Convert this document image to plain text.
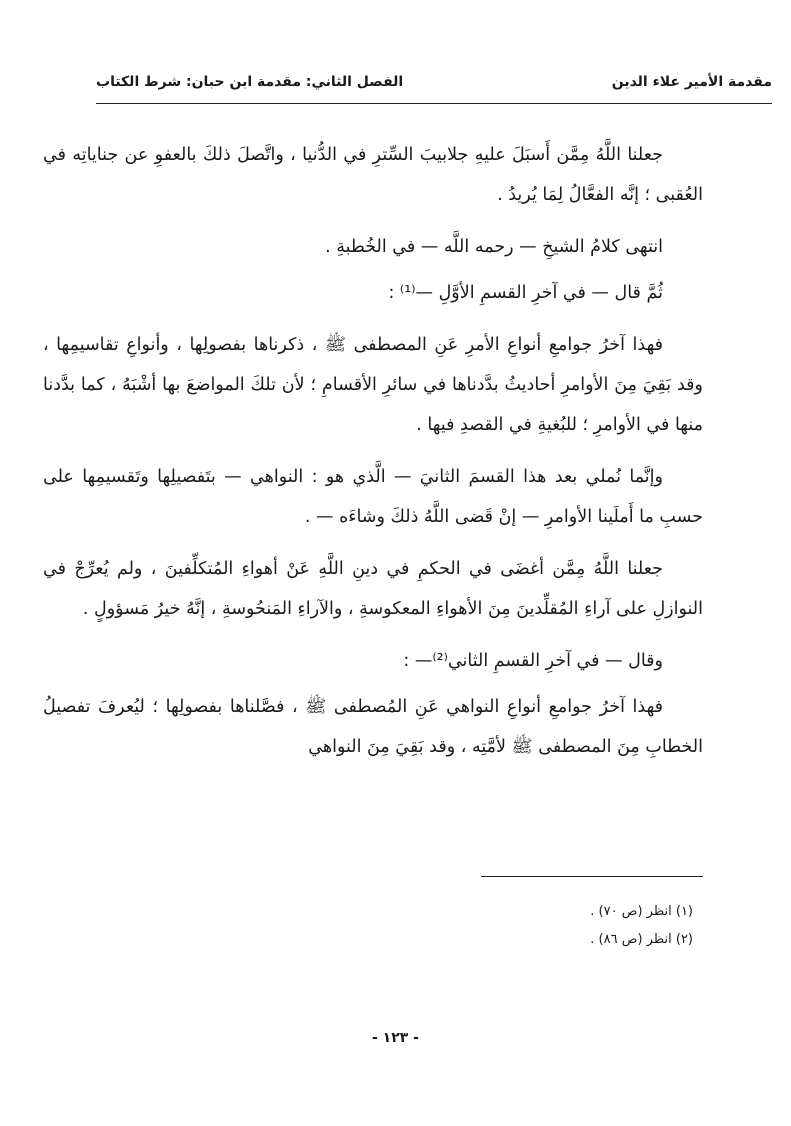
مقدمة الأمير علاء الدين
الفصل الثاني: مقدمة ابن حبان: شرط الكتاب

جعلنا اللَّهُ مِمَّن أَسبَلَ عليهِ جلابيبَ السِّترِ في الدُّنيا ، واتَّصلَ ذلكَ بالعفوِ عن جناياتِه في العُقبى ؛ إنَّه الفعَّالُ لِمَا يُريدُ .

انتهى كلامُ الشيخِ — رحمه اللَّه — في الخُطبةِ .

ثُمَّ قال — في آخرِ القسمِ الأوَّلِ —⁽¹⁾ :

فهذا آخرُ جوامعِ أنواعِ الأمرِ عَنِ المصطفى ﷺ ، ذكرناها بفصولِها ، وأنواعِ تقاسيمِها ، وقد بَقِيَ مِنَ الأوامرِ أحاديثُ بدَّدناها في سائرِ الأقسامِ ؛ لأن تلكَ المواضعَ بها أشْبَهُ ، كما بدَّدنا منها في الأوامرِ ؛ للبُغيةِ في القصدِ فيها .

وإنَّما نُملي بعد هذا القسمَ الثانيَ — الَّذي هو : النواهي — بتَفصيلِها وتَقسيمِها على حسبِ ما أَملَينا الأوامرِ — إنْ قَضى اللَّهُ ذلكَ وشاءَه — .

جعلنا اللَّهُ مِمَّن أغضَى في الحكمِ في دينِ اللَّهِ عَنْ أهواءِ المُتكلِّفينَ ، ولم يُعرِّجْ في النوازلِ على آراءِ المُقلِّدينَ مِنَ الأهواءِ المعكوسةِ ، والآراءِ المَنحُوسةِ ، إنَّهُ خيرُ مَسؤولٍ .

وقال — في آخرِ القسمِ الثاني⁽²⁾— :

فهذا آخرُ جوامعِ أنواعِ النواهي عَنِ المُصطفى ﷺ ، فصَّلناها بفصولِها ؛ ليُعرفَ تفصيلُ الخطابِ مِنَ المصطفى ﷺ لأمَّتِه ، وقد بَقِيَ مِنَ النواهي

(١) انظر (ص ٧٠) .
(٢) انظر (ص ٨٦) .
- ١٢٣ -
